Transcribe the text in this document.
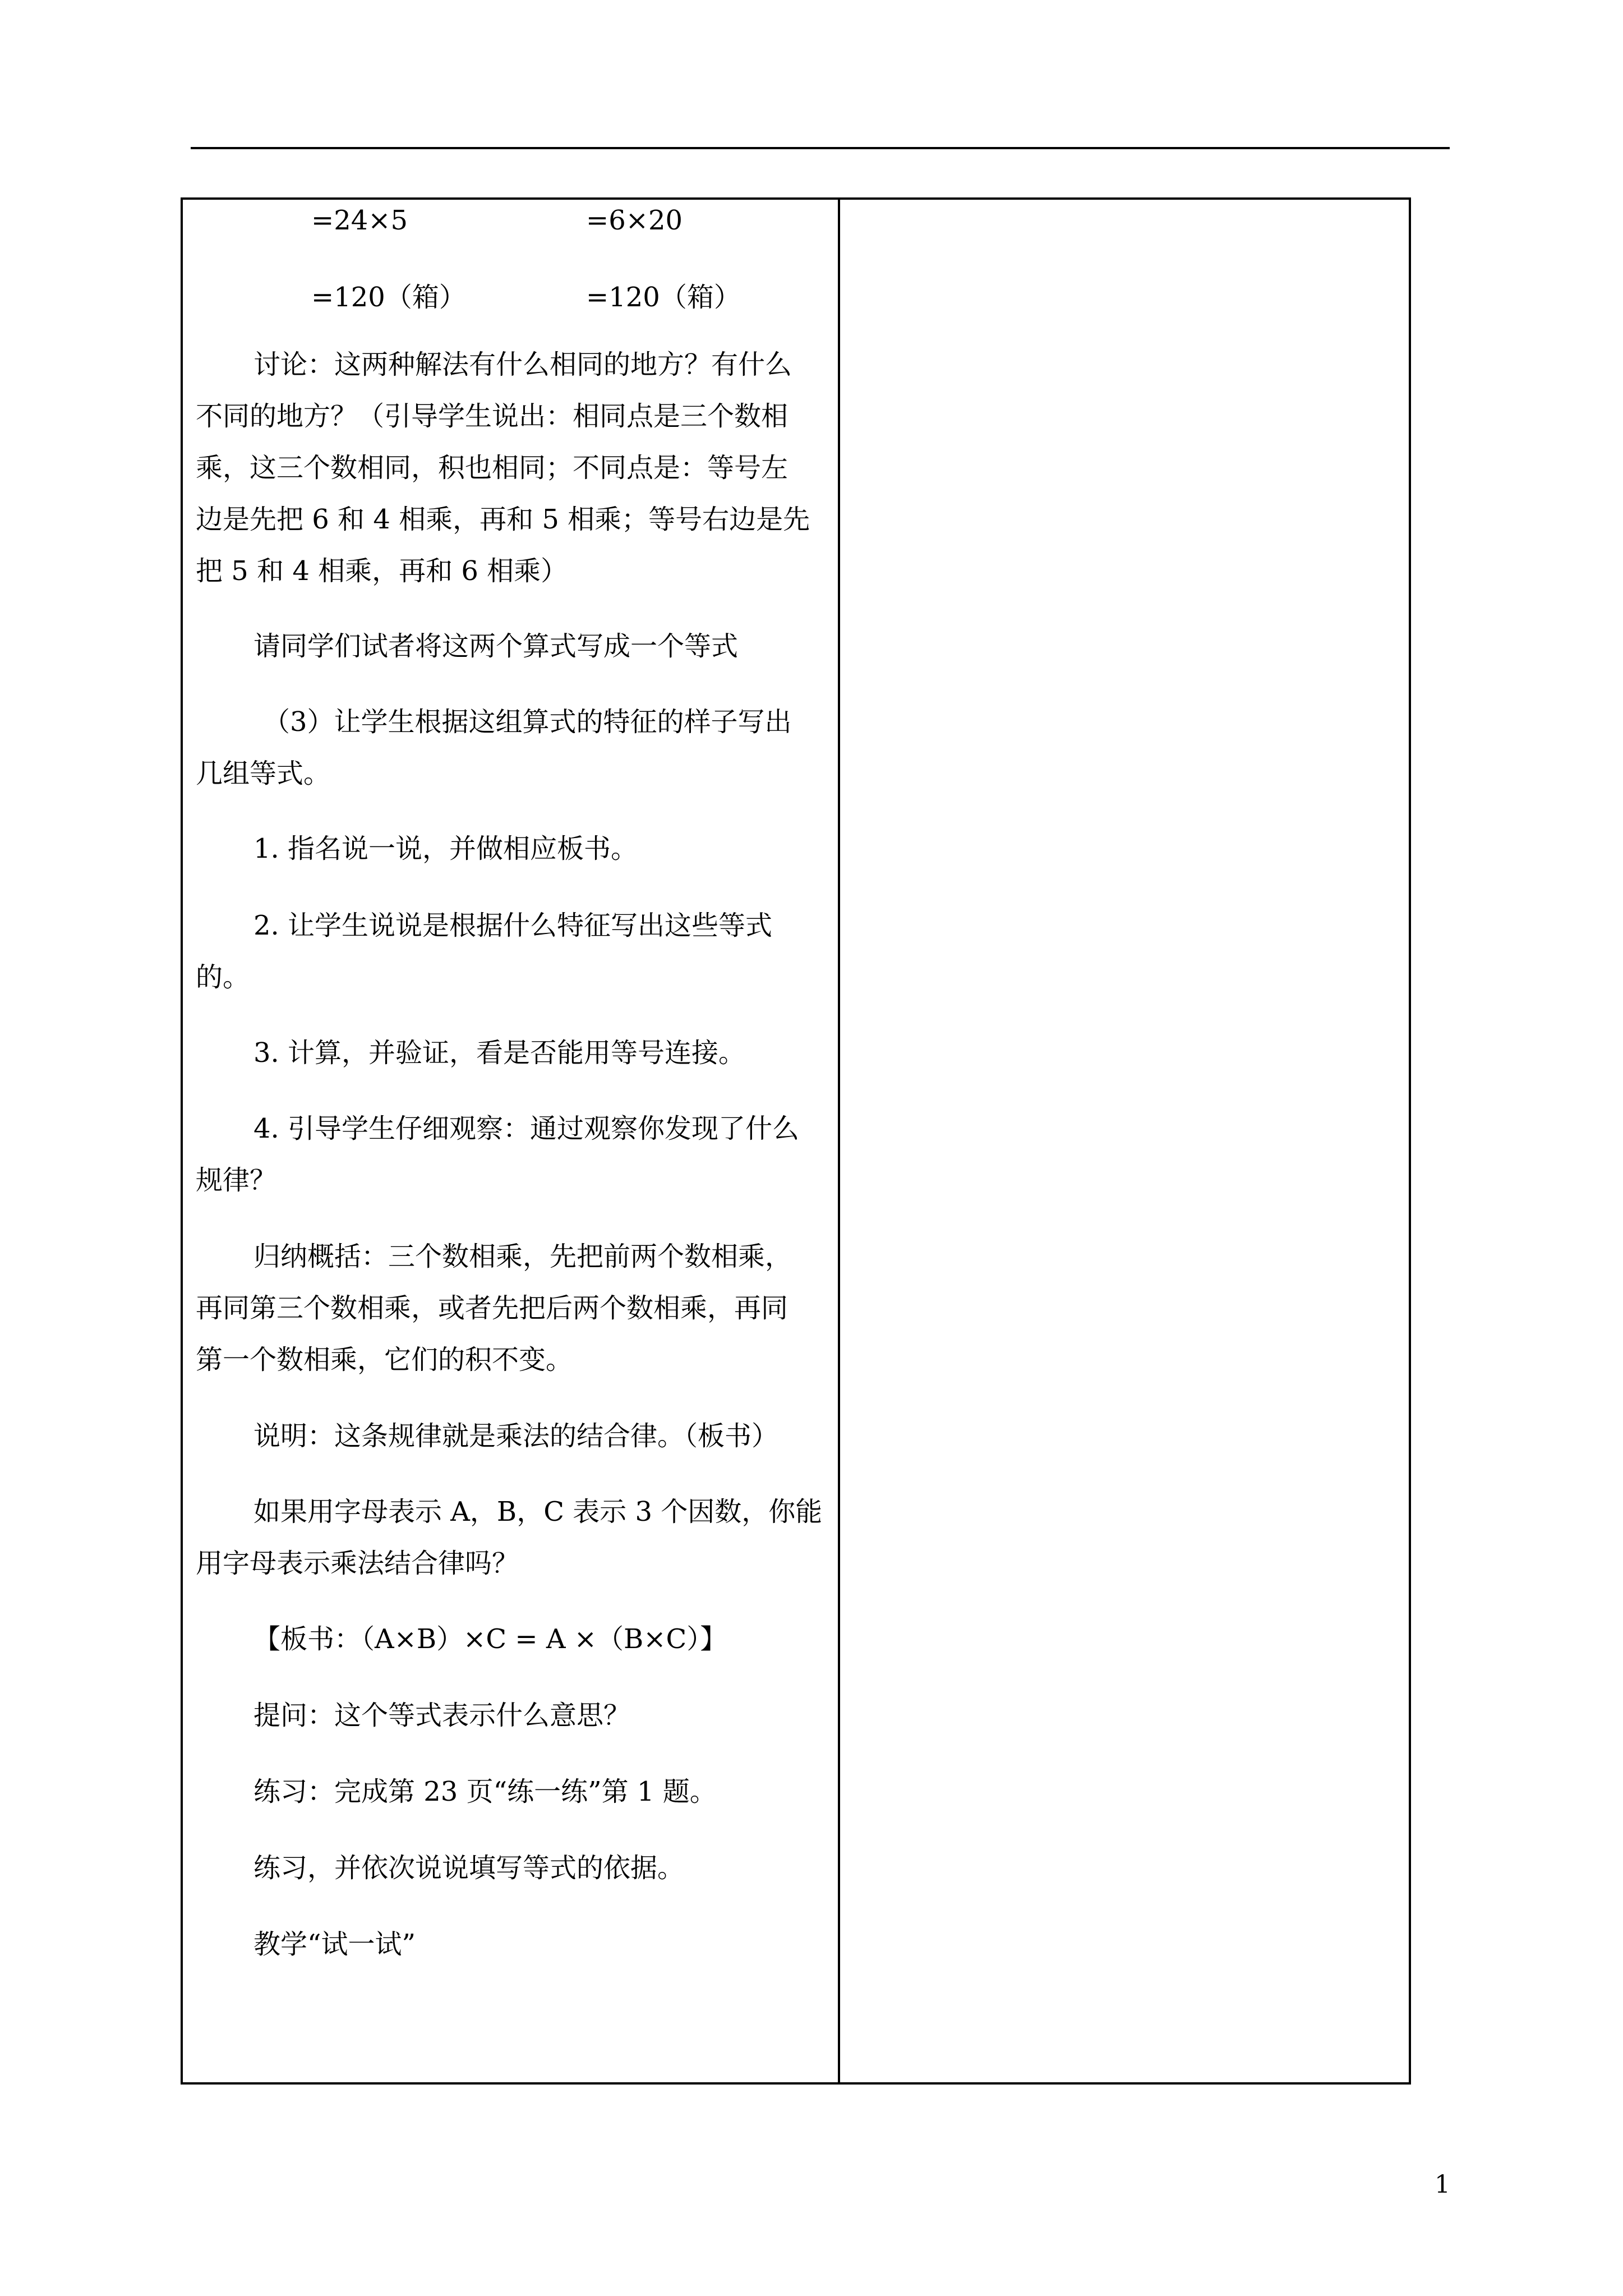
=24×5	=6×20
=120（箱）	=120（箱）
讨论：这两种解法有什么相同的地方？有什么
不同的地方？（引导学生说出：相同点是三个数相
乘，这三个数相同，积也相同；不同点是：等号左
边是先把 6 和 4 相乘，再和 5 相乘；等号右边是先
把 5 和 4 相乘，再和 6 相乘）
请同学们试者将这两个算式写成一个等式
（3）让学生根据这组算式的特征的样子写出
几组等式。
1. 指名说一说，并做相应板书。
2. 让学生说说是根据什么特征写出这些等式
的。
3. 计算，并验证，看是否能用等号连接。
4. 引导学生仔细观察：通过观察你发现了什么
规律？
归纳概括：三个数相乘，先把前两个数相乘，
再同第三个数相乘，或者先把后两个数相乘，再同
第一个数相乘，它们的积不变。
说明：这条规律就是乘法的结合律。（板书）
如果用字母表示 A，B，C 表示 3 个因数，你能
用字母表示乘法结合律吗？
【板书：（A×B）×C = A ×（B×C）】
提问：这个等式表示什么意思？
练习：完成第 23 页“练一练”第 1 题。
练习，并依次说说填写等式的依据。
教学“试一试”
1
